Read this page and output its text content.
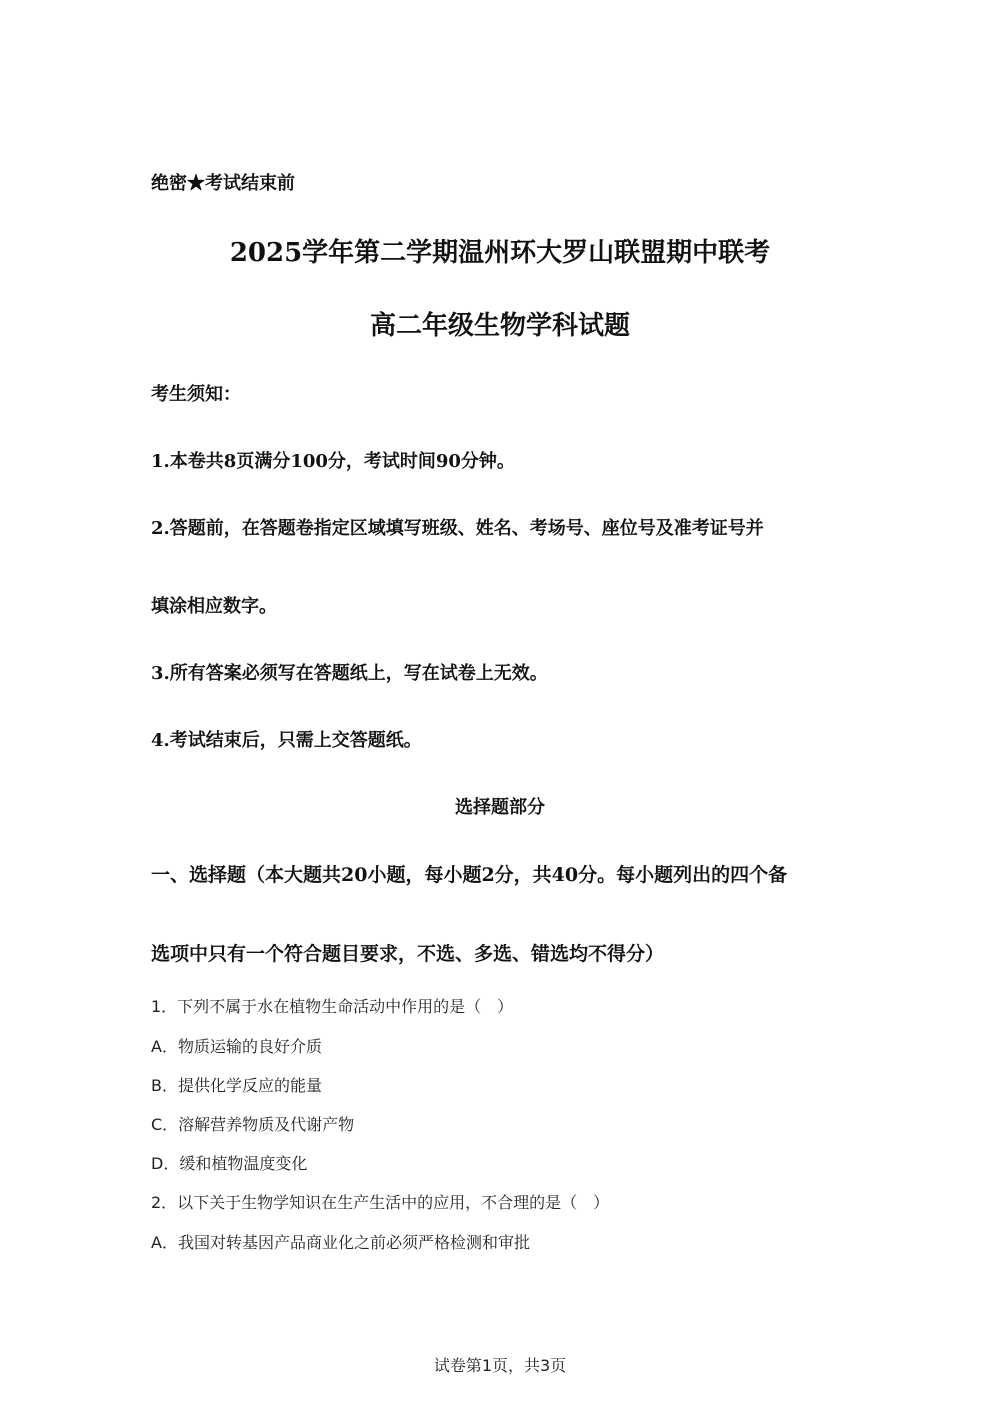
绝密★考试结束前
2025学年第二学期温州环大罗山联盟期中联考
高二年级生物学科试题
考生须知：
1.本卷共8页满分100分，考试时间90分钟。
2.答题前，在答题卷指定区域填写班级、姓名、考场号、座位号及准考证号并
填涂相应数字。
3.所有答案必须写在答题纸上，写在试卷上无效。
4.考试结束后，只需上交答题纸。
选择题部分
一、选择题（本大题共20小题，每小题2分，共40分。每小题列出的四个备
选项中只有一个符合题目要求，不选、多选、错选均不得分）
1．下列不属于水在植物生命活动中作用的是（　）
A．物质运输的良好介质
B．提供化学反应的能量
C．溶解营养物质及代谢产物
D．缓和植物温度变化
2．以下关于生物学知识在生产生活中的应用，不合理的是（　）
A．我国对转基因产品商业化之前必须严格检测和审批
试卷第1页，共3页
